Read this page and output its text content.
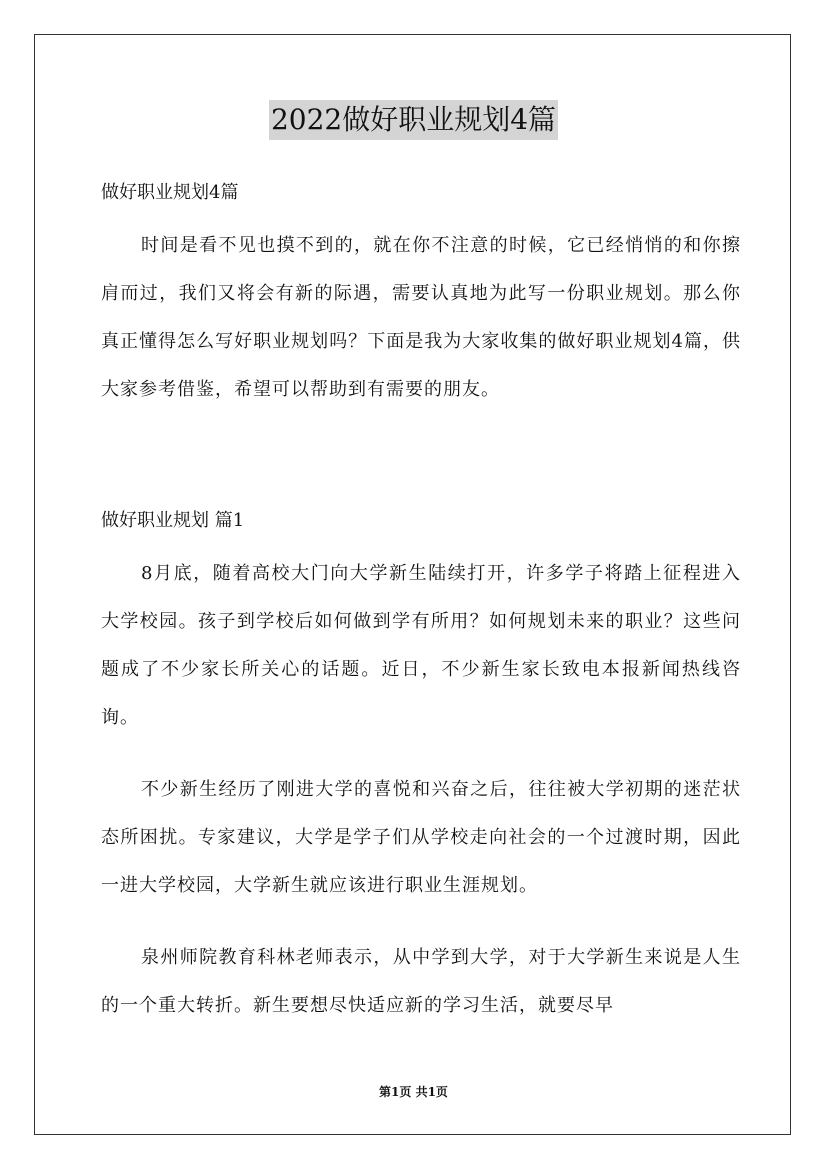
2022做好职业规划4篇

做好职业规划4篇

时间是看不见也摸不到的，就在你不注意的时候，它已经悄悄的和你擦肩而过，我们又将会有新的际遇，需要认真地为此写一份职业规划。那么你真正懂得怎么写好职业规划吗？下面是我为大家收集的做好职业规划4篇，供大家参考借鉴，希望可以帮助到有需要的朋友。

做好职业规划 篇1

8月底，随着高校大门向大学新生陆续打开，许多学子将踏上征程进入大学校园。孩子到学校后如何做到学有所用？如何规划未来的职业？这些问题成了不少家长所关心的话题。近日，不少新生家长致电本报新闻热线咨询。

不少新生经历了刚进大学的喜悦和兴奋之后，往往被大学初期的迷茫状态所困扰。专家建议，大学是学子们从学校走向社会的一个过渡时期，因此一进大学校园，大学新生就应该进行职业生涯规划。

泉州师院教育科林老师表示，从中学到大学，对于大学新生来说是人生的一个重大转折。新生要想尽快适应新的学习生活，就要尽早

第1页 共1页
